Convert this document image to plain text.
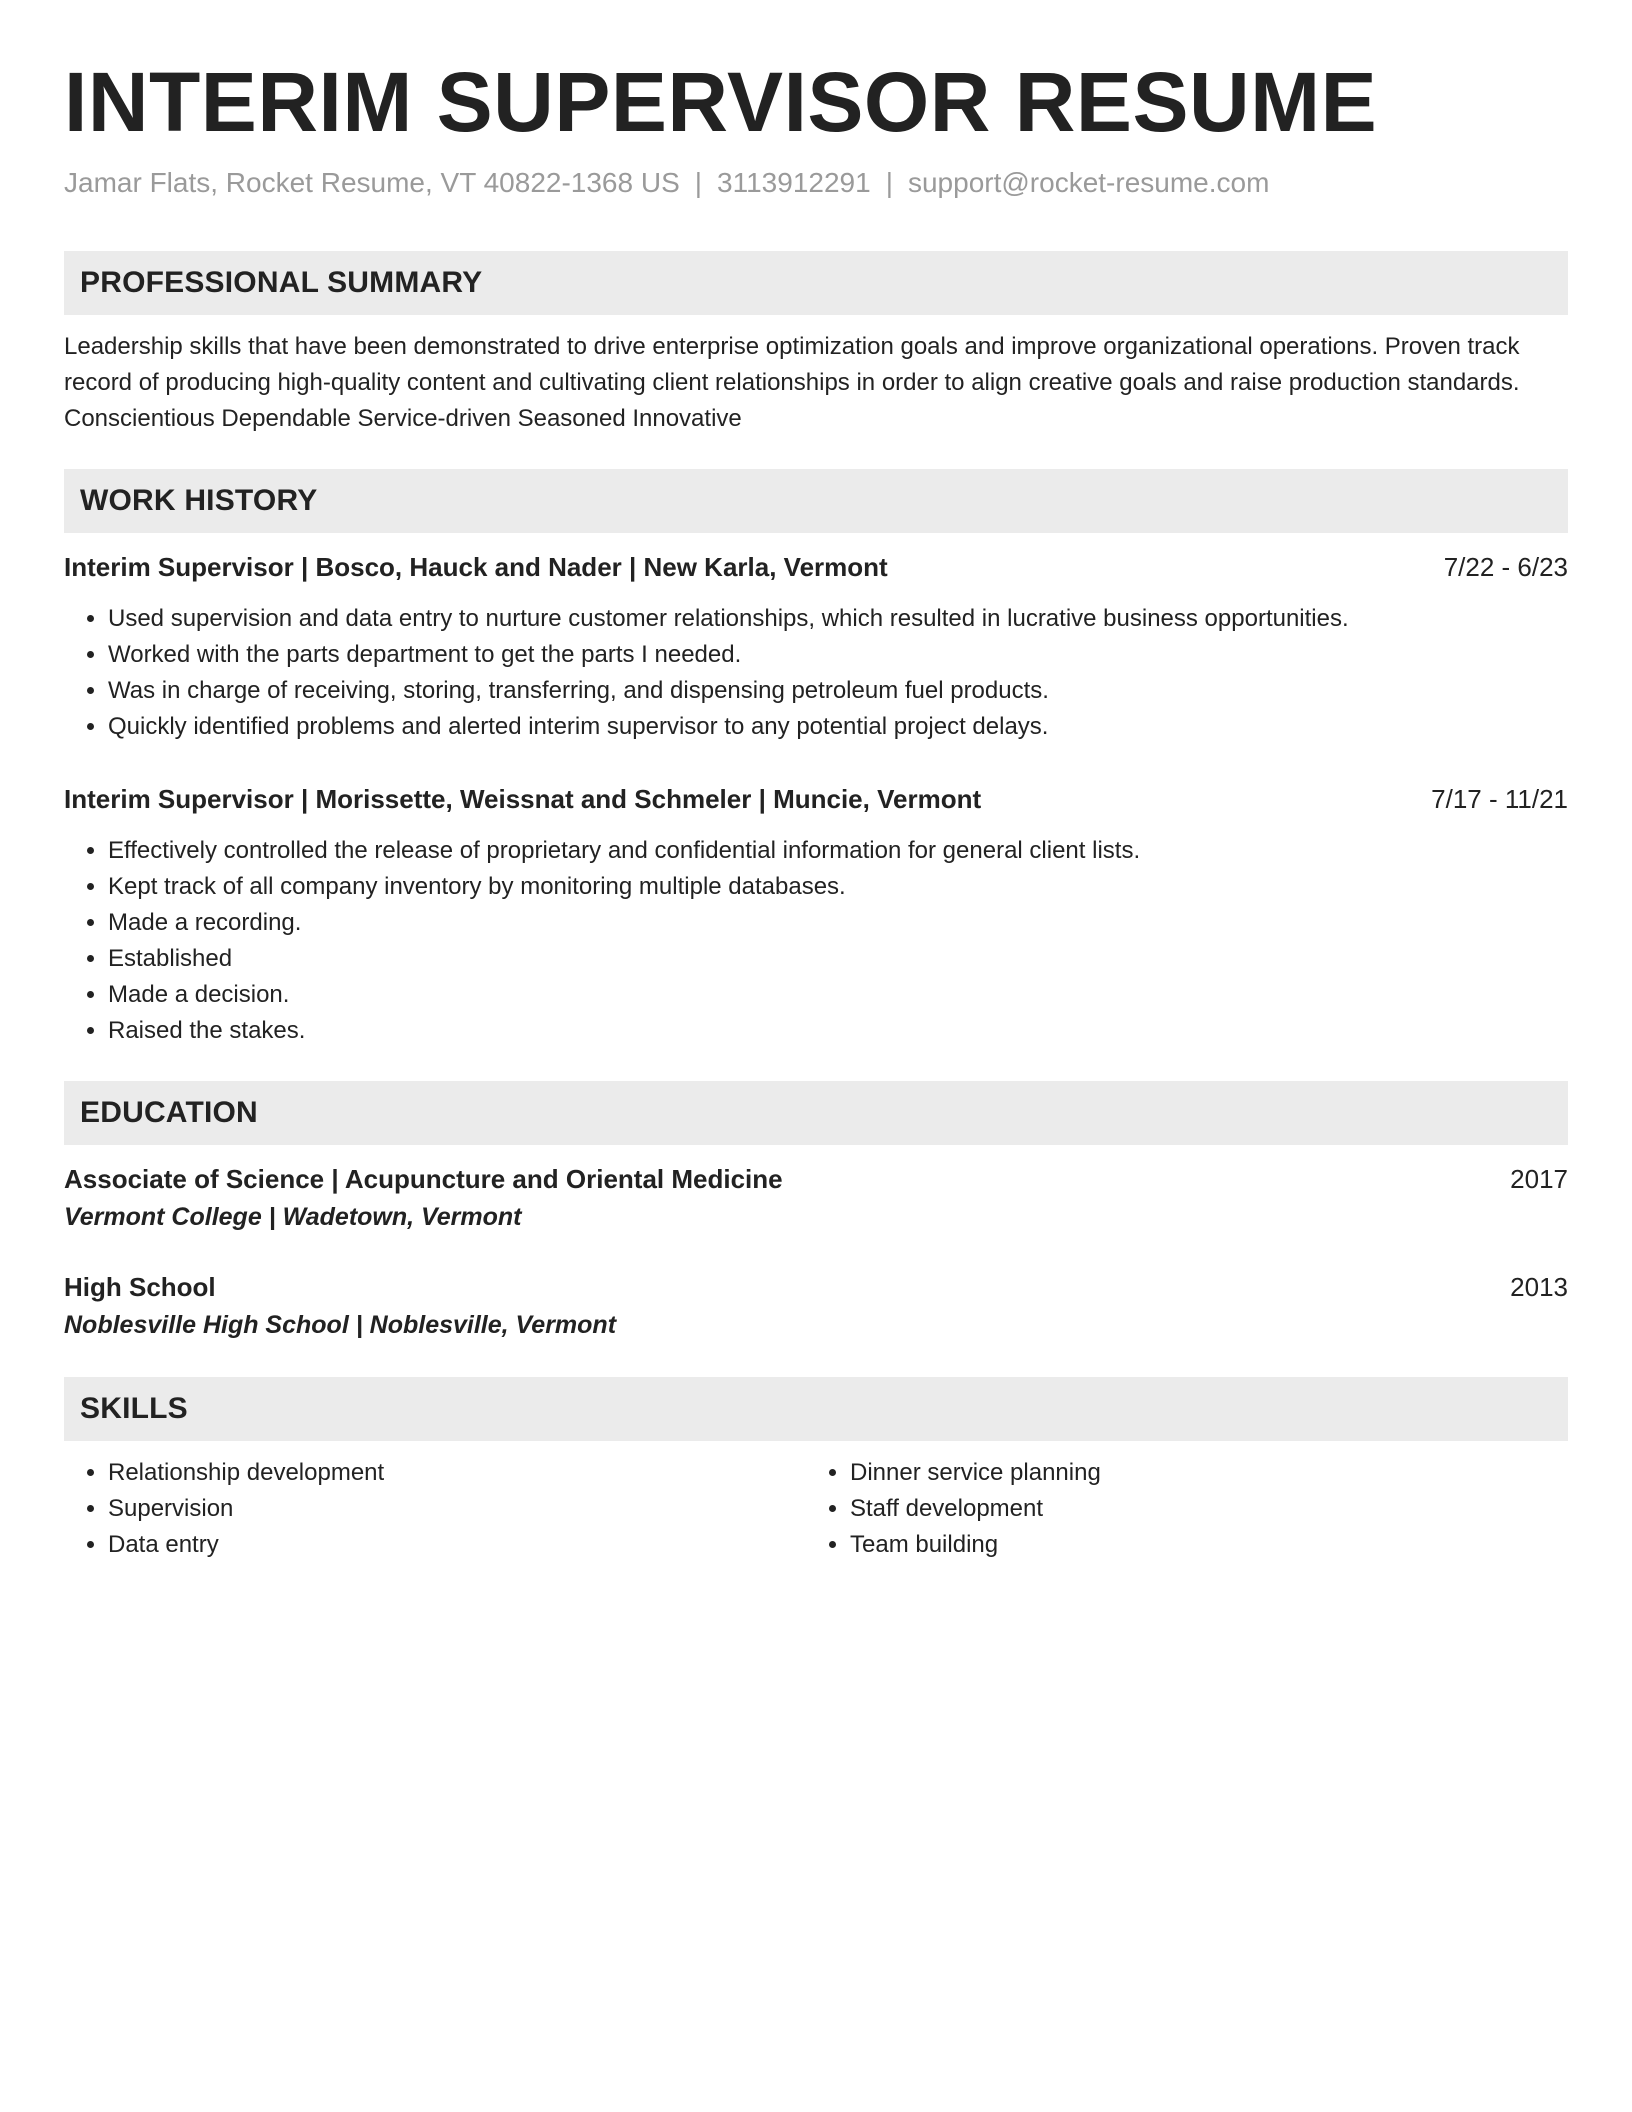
INTERIM SUPERVISOR RESUME
Jamar Flats, Rocket Resume, VT 40822-1368 US | 3113912291 | support@rocket-resume.com
PROFESSIONAL SUMMARY
Leadership skills that have been demonstrated to drive enterprise optimization goals and improve organizational operations. Proven track record of producing high-quality content and cultivating client relationships in order to align creative goals and raise production standards. Conscientious Dependable Service-driven Seasoned Innovative
WORK HISTORY
Interim Supervisor | Bosco, Hauck and Nader | New Karla, Vermont	7/22 - 6/23
• Used supervision and data entry to nurture customer relationships, which resulted in lucrative business opportunities.
• Worked with the parts department to get the parts I needed.
• Was in charge of receiving, storing, transferring, and dispensing petroleum fuel products.
• Quickly identified problems and alerted interim supervisor to any potential project delays.
Interim Supervisor | Morissette, Weissnat and Schmeler | Muncie, Vermont	7/17 - 11/21
• Effectively controlled the release of proprietary and confidential information for general client lists.
• Kept track of all company inventory by monitoring multiple databases.
• Made a recording.
• Established
• Made a decision.
• Raised the stakes.
EDUCATION
Associate of Science | Acupuncture and Oriental Medicine	2017
Vermont College | Wadetown, Vermont
High School	2013
Noblesville High School | Noblesville, Vermont
SKILLS
• Relationship development
• Supervision
• Data entry
• Dinner service planning
• Staff development
• Team building
